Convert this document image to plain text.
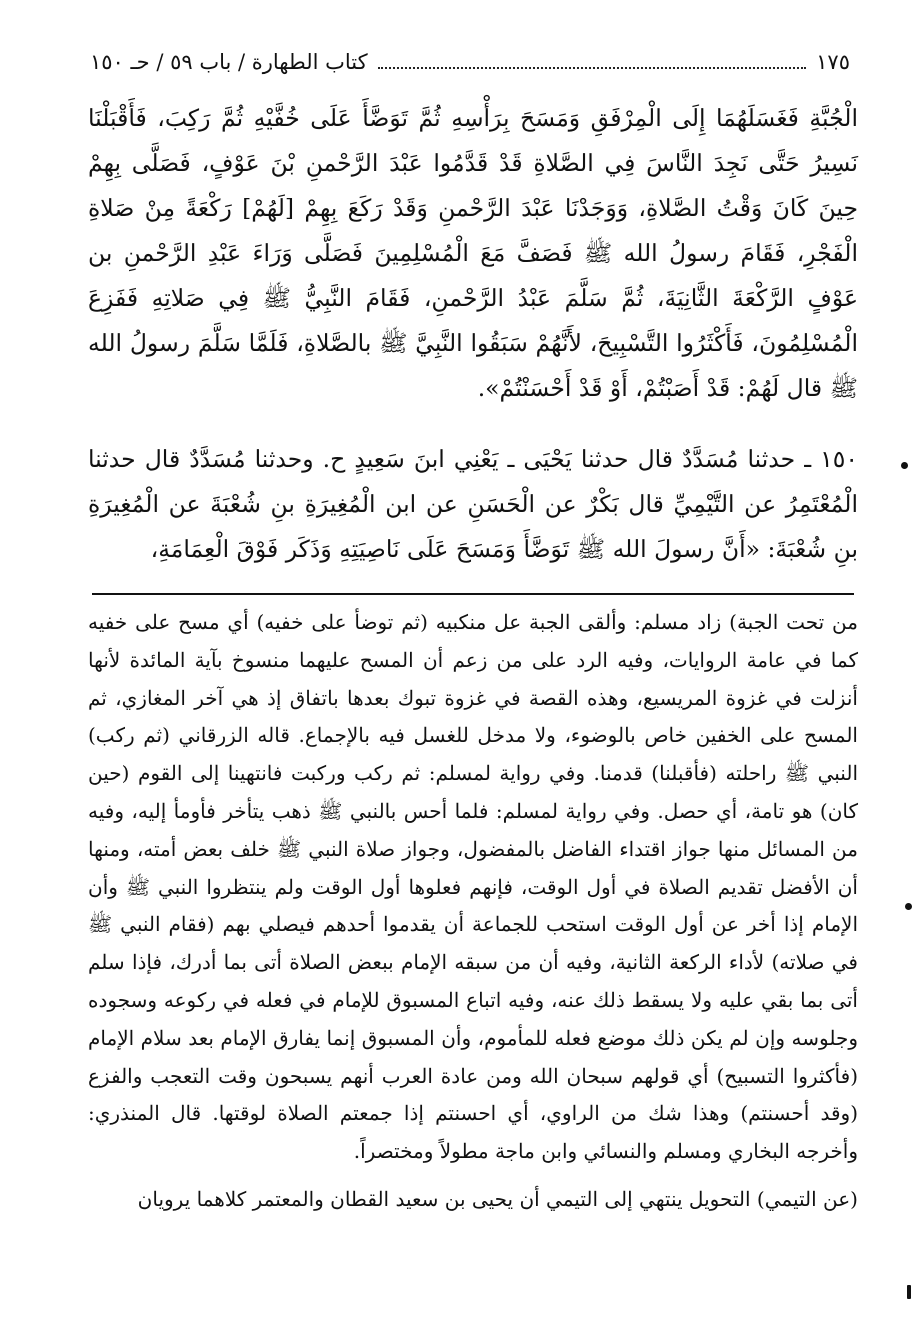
كتاب الطهارة / باب ٥٩ / حـ ١٥٠	١٧٥

الْجُبَّةِ فَغَسَلَهُمَا إِلَى الْمِرْفَقِ وَمَسَحَ بِرَأْسِهِ ثُمَّ تَوَضَّأَ عَلَى خُفَّيْهِ ثُمَّ رَكِبَ، فَأَقْبَلْنَا نَسِيرُ حَتَّى نَجِدَ النَّاسَ فِي الصَّلاةِ قَدْ قَدَّمُوا عَبْدَ الرَّحْمنِ بْنَ عَوْفٍ، فَصَلَّى بِهِمْ حِينَ كَانَ وَقْتُ الصَّلاةِ، وَوَجَدْنَا عَبْدَ الرَّحْمنِ وَقَدْ رَكَعَ بِهِمْ [لَهُمْ] رَكْعَةً مِنْ صَلاةِ الْفَجْرِ، فَقَامَ رسولُ الله ﷺ فَصَفَّ مَعَ الْمُسْلِمِينَ فَصَلَّى وَرَاءَ عَبْدِ الرَّحْمنِ بن عَوْفٍ الرَّكْعَةَ الثَّانِيَةَ، ثُمَّ سَلَّمَ عَبْدُ الرَّحْمنِ، فَقَامَ النَّبِيُّ ﷺ فِي صَلاتِهِ فَفَزِعَ الْمُسْلِمُونَ، فَأَكْثَرُوا التَّسْبِيحَ، لأَنَّهُمْ سَبَقُوا النَّبِيَّ ﷺ بالصَّلاةِ، فَلَمَّا سَلَّمَ رسولُ الله ﷺ قال لَهُمْ: قَدْ أَصَبْتُمْ، أَوْ قَدْ أَحْسَنْتُمْ».

١٥٠ ـ حدثنا مُسَدَّدٌ قال حدثنا يَحْيَى ـ يَعْنِي ابنَ سَعِيدٍ ح. وحدثنا مُسَدَّدٌ قال حدثنا الْمُعْتَمِرُ عن التَّيْمِيِّ قال بَكْرٌ عن الْحَسَنِ عن ابن الْمُغِيرَةِ بنِ شُعْبَةَ عن الْمُغِيرَةِ بنِ شُعْبَةَ: «أَنَّ رسولَ الله ﷺ تَوَضَّأَ وَمَسَحَ عَلَى نَاصِيَتِهِ وَذَكَر فَوْقَ الْعِمَامَةِ،

من تحت الجبة) زاد مسلم: وألقى الجبة عل منكبيه (ثم توضأ على خفيه) أي مسح على خفيه كما في عامة الروايات، وفيه الرد على من زعم أن المسح عليهما منسوخ بآية المائدة لأنها أنزلت في غزوة المريسيع، وهذه القصة في غزوة تبوك بعدها باتفاق إذ هي آخر المغازي، ثم المسح على الخفين خاص بالوضوء، ولا مدخل للغسل فيه بالإجماع. قاله الزرقاني (ثم ركب) النبي ﷺ راحلته (فأقبلنا) قدمنا. وفي رواية لمسلم: ثم ركب وركبت فانتهينا إلى القوم (حين كان) هو تامة، أي حصل. وفي رواية لمسلم: فلما أحس بالنبي ﷺ ذهب يتأخر فأومأ إليه، وفيه من المسائل منها جواز اقتداء الفاضل بالمفضول، وجواز صلاة النبي ﷺ خلف بعض أمته، ومنها أن الأفضل تقديم الصلاة في أول الوقت، فإنهم فعلوها أول الوقت ولم ينتظروا النبي ﷺ وأن الإمام إذا أخر عن أول الوقت استحب للجماعة أن يقدموا أحدهم فيصلي بهم (فقام النبي ﷺ في صلاته) لأداء الركعة الثانية، وفيه أن من سبقه الإمام ببعض الصلاة أتى بما أدرك، فإذا سلم أتى بما بقي عليه ولا يسقط ذلك عنه، وفيه اتباع المسبوق للإمام في فعله في ركوعه وسجوده وجلوسه وإن لم يكن ذلك موضع فعله للمأموم، وأن المسبوق إنما يفارق الإمام بعد سلام الإمام (فأكثروا التسبيح) أي قولهم سبحان الله ومن عادة العرب أنهم يسبحون وقت التعجب والفزع (وقد أحسنتم) وهذا شك من الراوي، أي احسنتم إذا جمعتم الصلاة لوقتها. قال المنذري: وأخرجه البخاري ومسلم والنسائي وابن ماجة مطولاً ومختصراً.

(عن التيمي) التحويل ينتهي إلى التيمي أن يحيى بن سعيد القطان والمعتمر كلاهما يرويان
